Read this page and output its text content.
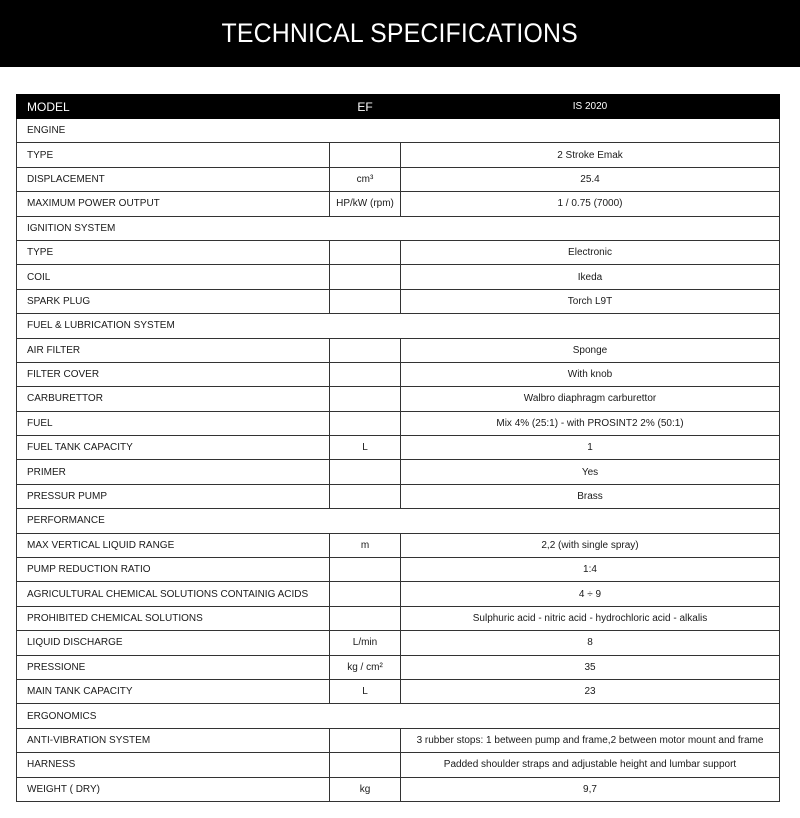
TECHNICAL SPECIFICATIONS
MODEL	EF	IS 2020
ENGINE		
TYPE		2 Stroke Emak
DISPLACEMENT	cm³	25.4
MAXIMUM POWER OUTPUT	HP/kW (rpm)	1 / 0.75 (7000)
IGNITION SYSTEM		
TYPE		Electronic
COIL		Ikeda
SPARK PLUG		Torch L9T
FUEL & LUBRICATION SYSTEM		
AIR FILTER		Sponge
FILTER COVER		With knob
CARBURETTOR		Walbro diaphragm carburettor
FUEL		Mix 4% (25:1) - with PROSINT2 2% (50:1)
FUEL TANK CAPACITY	L	1
PRIMER		Yes
PRESSUR PUMP		Brass
PERFORMANCE		
MAX VERTICAL LIQUID RANGE	m	2,2 (with single spray)
PUMP REDUCTION RATIO		1:4
AGRICULTURAL CHEMICAL SOLUTIONS CONTAINIG ACIDS		4 ÷ 9
PROHIBITED CHEMICAL SOLUTIONS		Sulphuric acid - nitric acid - hydrochloric acid - alkalis
LIQUID DISCHARGE	L/min	8
PRESSIONE	kg / cm²	35
MAIN TANK CAPACITY	L	23
ERGONOMICS		
ANTI-VIBRATION SYSTEM		3 rubber stops: 1 between pump and frame,2 between motor mount and frame
HARNESS		Padded shoulder straps and adjustable height and lumbar support
WEIGHT ( DRY)	kg	9,7
